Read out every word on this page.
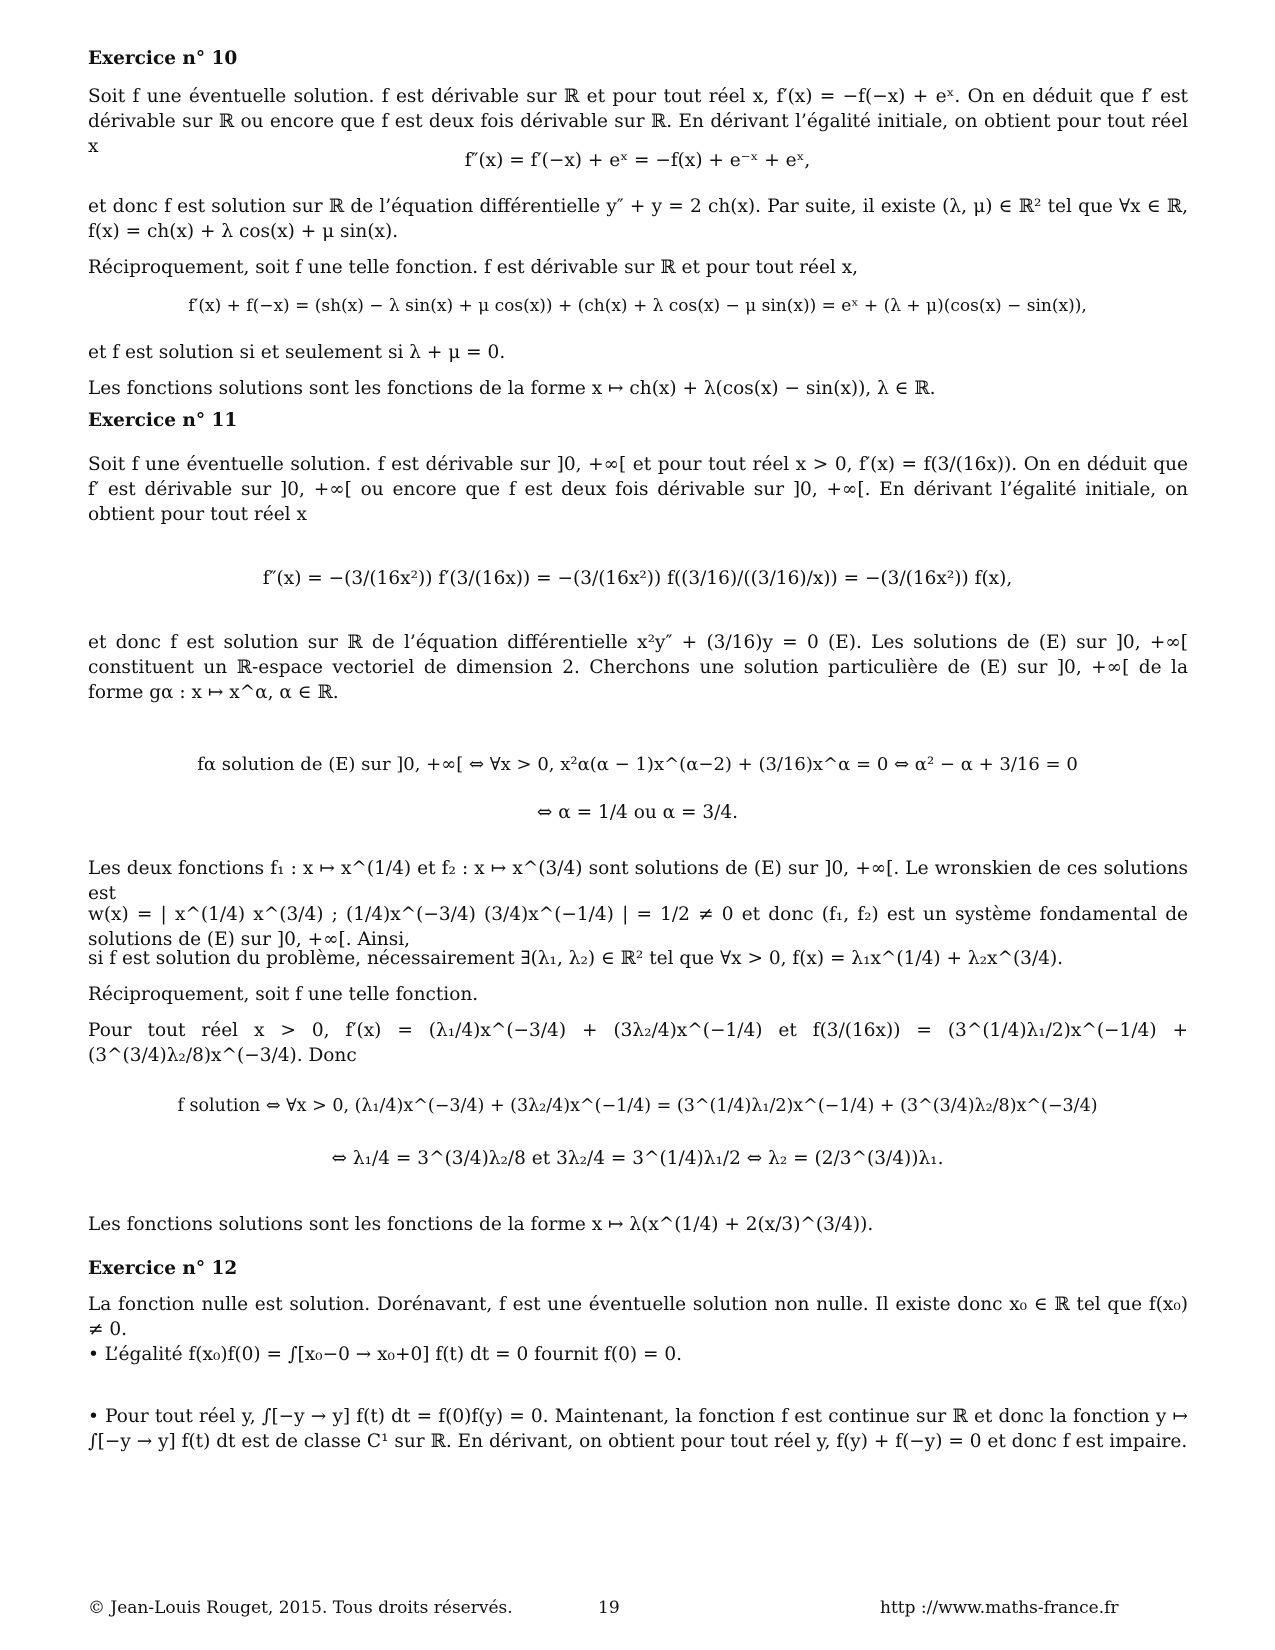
Exercice n° 10
Soit f une éventuelle solution. f est dérivable sur ℝ et pour tout réel x, f′(x) = −f(−x) + eˣ. On en déduit que f′ est dérivable sur ℝ ou encore que f est deux fois dérivable sur ℝ. En dérivant l’égalité initiale, on obtient pour tout réel x
f″(x) = f′(−x) + eˣ = −f(x) + e⁻ˣ + eˣ,
et donc f est solution sur ℝ de l’équation différentielle y″ + y = 2 ch(x). Par suite, il existe (λ, μ) ∈ ℝ² tel que ∀x ∈ ℝ, f(x) = ch(x) + λ cos(x) + μ sin(x).
Réciproquement, soit f une telle fonction. f est dérivable sur ℝ et pour tout réel x,
f′(x) + f(−x) = (sh(x) − λ sin(x) + μ cos(x)) + (ch(x) + λ cos(x) − μ sin(x)) = eˣ + (λ + μ)(cos(x) − sin(x)),
et f est solution si et seulement si λ + μ = 0.
Les fonctions solutions sont les fonctions de la forme x ↦ ch(x) + λ(cos(x) − sin(x)), λ ∈ ℝ.
Exercice n° 11
Soit f une éventuelle solution. f est dérivable sur ]0, +∞[ et pour tout réel x > 0, f′(x) = f(3/(16x)). On en déduit que f′ est dérivable sur ]0, +∞[ ou encore que f est deux fois dérivable sur ]0, +∞[. En dérivant l’égalité initiale, on obtient pour tout réel x
f″(x) = −(3/(16x²)) f′(3/(16x)) = −(3/(16x²)) f((3/16)/((3/16)/x)) = −(3/(16x²)) f(x),
et donc f est solution sur ℝ de l’équation différentielle x²y″ + (3/16)y = 0 (E). Les solutions de (E) sur ]0, +∞[ constituent un ℝ-espace vectoriel de dimension 2. Cherchons une solution particulière de (E) sur ]0, +∞[ de la forme gα : x ↦ x^α, α ∈ ℝ.
fα solution de (E) sur ]0, +∞[ ⇔ ∀x > 0, x²α(α − 1)x^(α−2) + (3/16)x^α = 0 ⇔ α² − α + 3/16 = 0
⇔ α = 1/4 ou α = 3/4.
Les deux fonctions f₁ : x ↦ x^(1/4) et f₂ : x ↦ x^(3/4) sont solutions de (E) sur ]0, +∞[. Le wronskien de ces solutions est
w(x) = | x^(1/4) x^(3/4) ; (1/4)x^(−3/4) (3/4)x^(−1/4) | = 1/2 ≠ 0 et donc (f₁, f₂) est un système fondamental de solutions de (E) sur ]0, +∞[. Ainsi,
si f est solution du problème, nécessairement ∃(λ₁, λ₂) ∈ ℝ² tel que ∀x > 0, f(x) = λ₁x^(1/4) + λ₂x^(3/4).
Réciproquement, soit f une telle fonction.
Pour tout réel x > 0, f′(x) = (λ₁/4)x^(−3/4) + (3λ₂/4)x^(−1/4) et f(3/(16x)) = (3^(1/4)λ₁/2)x^(−1/4) + (3^(3/4)λ₂/8)x^(−3/4). Donc
f solution ⇔ ∀x > 0, (λ₁/4)x^(−3/4) + (3λ₂/4)x^(−1/4) = (3^(1/4)λ₁/2)x^(−1/4) + (3^(3/4)λ₂/8)x^(−3/4)
⇔ λ₁/4 = 3^(3/4)λ₂/8 et 3λ₂/4 = 3^(1/4)λ₁/2 ⇔ λ₂ = (2/3^(3/4))λ₁.
Les fonctions solutions sont les fonctions de la forme x ↦ λ(x^(1/4) + 2(x/3)^(3/4)).
Exercice n° 12
La fonction nulle est solution. Dorénavant, f est une éventuelle solution non nulle. Il existe donc x₀ ∈ ℝ tel que f(x₀) ≠ 0.
• L’égalité f(x₀)f(0) = ∫[x₀−0 → x₀+0] f(t) dt = 0 fournit f(0) = 0.
• Pour tout réel y, ∫[−y → y] f(t) dt = f(0)f(y) = 0. Maintenant, la fonction f est continue sur ℝ et donc la fonction y ↦ ∫[−y → y] f(t) dt est de classe C¹ sur ℝ. En dérivant, on obtient pour tout réel y, f(y) + f(−y) = 0 et donc f est impaire.
© Jean-Louis Rouget, 2015. Tous droits réservés.	19	http ://www.maths-france.fr
